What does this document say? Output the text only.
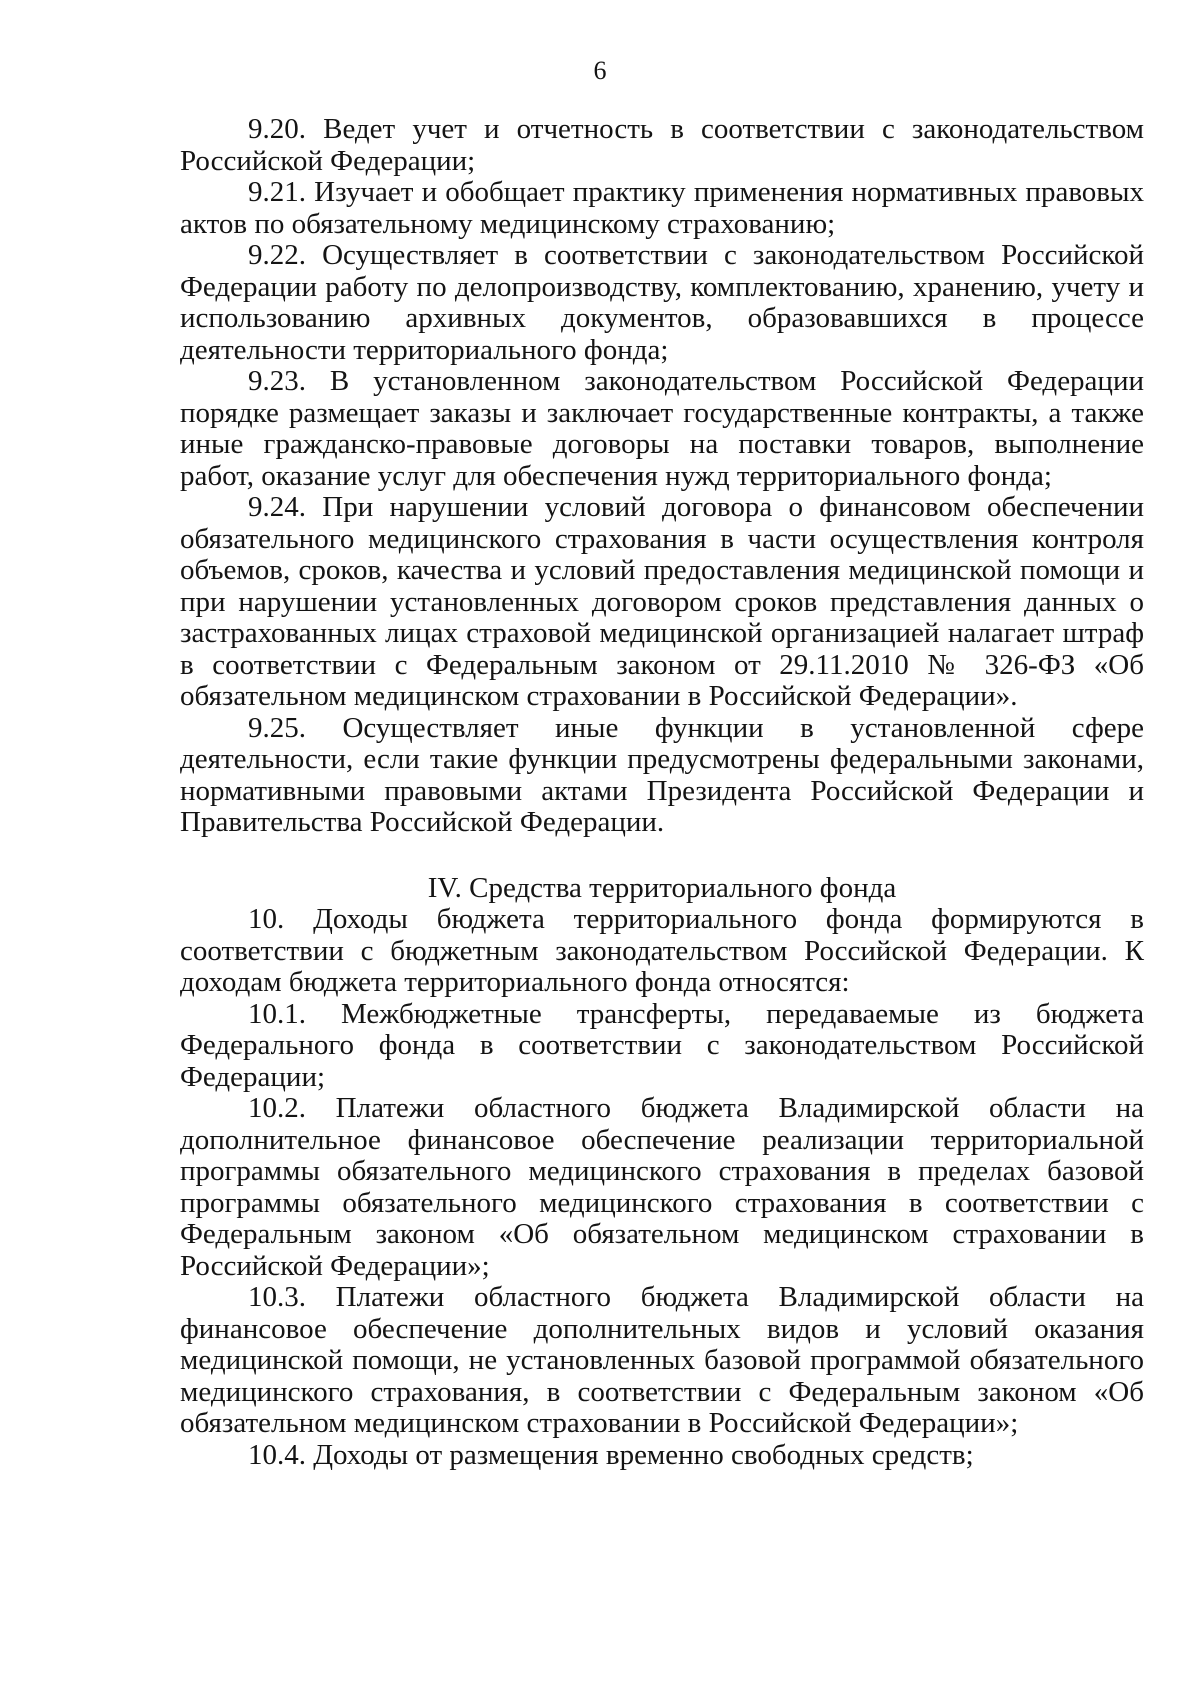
6

9.20. Ведет учет и отчетность в соответствии с законодательством Российской Федерации;

9.21. Изучает и обобщает практику применения нормативных правовых актов по обязательному медицинскому страхованию;

9.22. Осуществляет в соответствии с законодательством Российской Федерации работу по делопроизводству, комплектованию, хранению, учету и использованию архивных документов, образовавшихся в процессе деятельности территориального фонда;

9.23. В установленном законодательством Российской Федерации порядке размещает заказы и заключает государственные контракты, а также иные гражданско-правовые договоры на поставки товаров, выполнение работ, оказание услуг для обеспечения нужд территориального фонда;

9.24. При нарушении условий договора о финансовом обеспечении обязательного медицинского страхования в части осуществления контроля объемов, сроков, качества и условий предоставления медицинской помощи и при нарушении установленных договором сроков представления данных о застрахованных лицах страховой медицинской организацией налагает штраф в соответствии с Федеральным законом от 29.11.2010 № 326-ФЗ «Об обязательном медицинском страховании в Российской Федерации».

9.25. Осуществляет иные функции в установленной сфере деятельности, если такие функции предусмотрены федеральными законами, нормативными правовыми актами Президента Российской Федерации и Правительства Российской Федерации.

IV. Средства территориального фонда

10. Доходы бюджета территориального фонда формируются в соответствии с бюджетным законодательством Российской Федерации. К доходам бюджета территориального фонда относятся:

10.1. Межбюджетные трансферты, передаваемые из бюджета Федерального фонда в соответствии с законодательством Российской Федерации;

10.2. Платежи областного бюджета Владимирской области на дополнительное финансовое обеспечение реализации территориальной программы обязательного медицинского страхования в пределах базовой программы обязательного медицинского страхования в соответствии с Федеральным законом «Об обязательном медицинском страховании в Российской Федерации»;

10.3. Платежи областного бюджета Владимирской области на финансовое обеспечение дополнительных видов и условий оказания медицинской помощи, не установленных базовой программой обязательного медицинского страхования, в соответствии с Федеральным законом «Об обязательном медицинском страховании в Российской Федерации»;

10.4. Доходы от размещения временно свободных средств;
